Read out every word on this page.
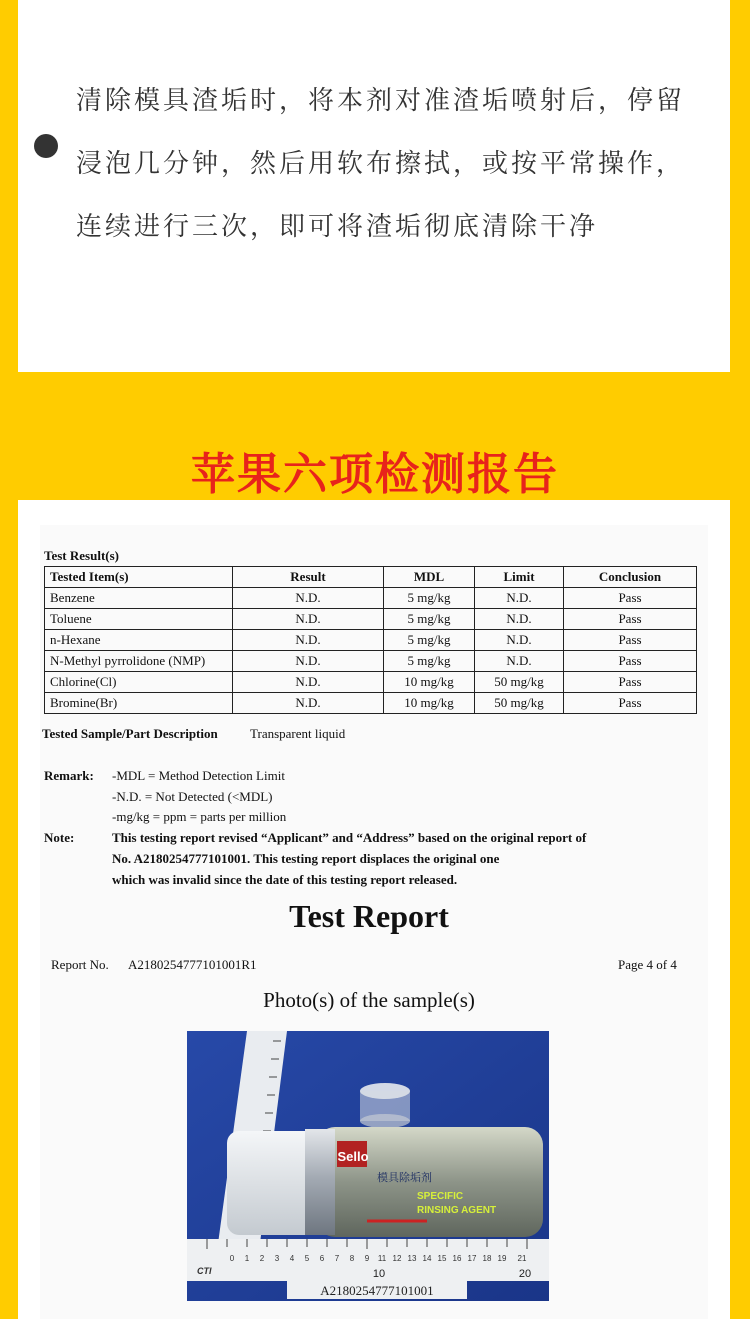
清除模具渣垢时，将本剂对准渣垢喷射后，停留
浸泡几分钟，然后用软布擦拭，或按平常操作，
连续进行三次，即可将渣垢彻底清除干净
苹果六项检测报告
Test Result(s)
Tested Item(s)	Result	MDL	Limit	Conclusion
Benzene	N.D.	5 mg/kg	N.D.	Pass
Toluene	N.D.	5 mg/kg	N.D.	Pass
n-Hexane	N.D.	5 mg/kg	N.D.	Pass
N-Methyl pyrrolidone (NMP)	N.D.	5 mg/kg	N.D.	Pass
Chlorine(Cl)	N.D.	10 mg/kg	50 mg/kg	Pass
Bromine(Br)	N.D.	10 mg/kg	50 mg/kg	Pass
Tested Sample/Part Description Transparent liquid
Remark: -MDL = Method Detection Limit
-N.D. = Not Detected (<MDL)
-mg/kg = ppm = parts per million
Note:	This testing report revised “Applicant” and “Address” based on the original report of
No. A2180254777101001. This testing report displaces the original one
which was invalid since the date of this testing report released.
Test Report
Report No. A2180254777101001R1	Page 4 of 4
Photo(s) of the sample(s)
0 1 2 3 4 5 6 7 8 9 11 12 13 14 15 16 17 18 19 21
10	20
CTI
Sello
模具除垢剂
SPECIFIC
RINSING AGENT
A2180254777101001
